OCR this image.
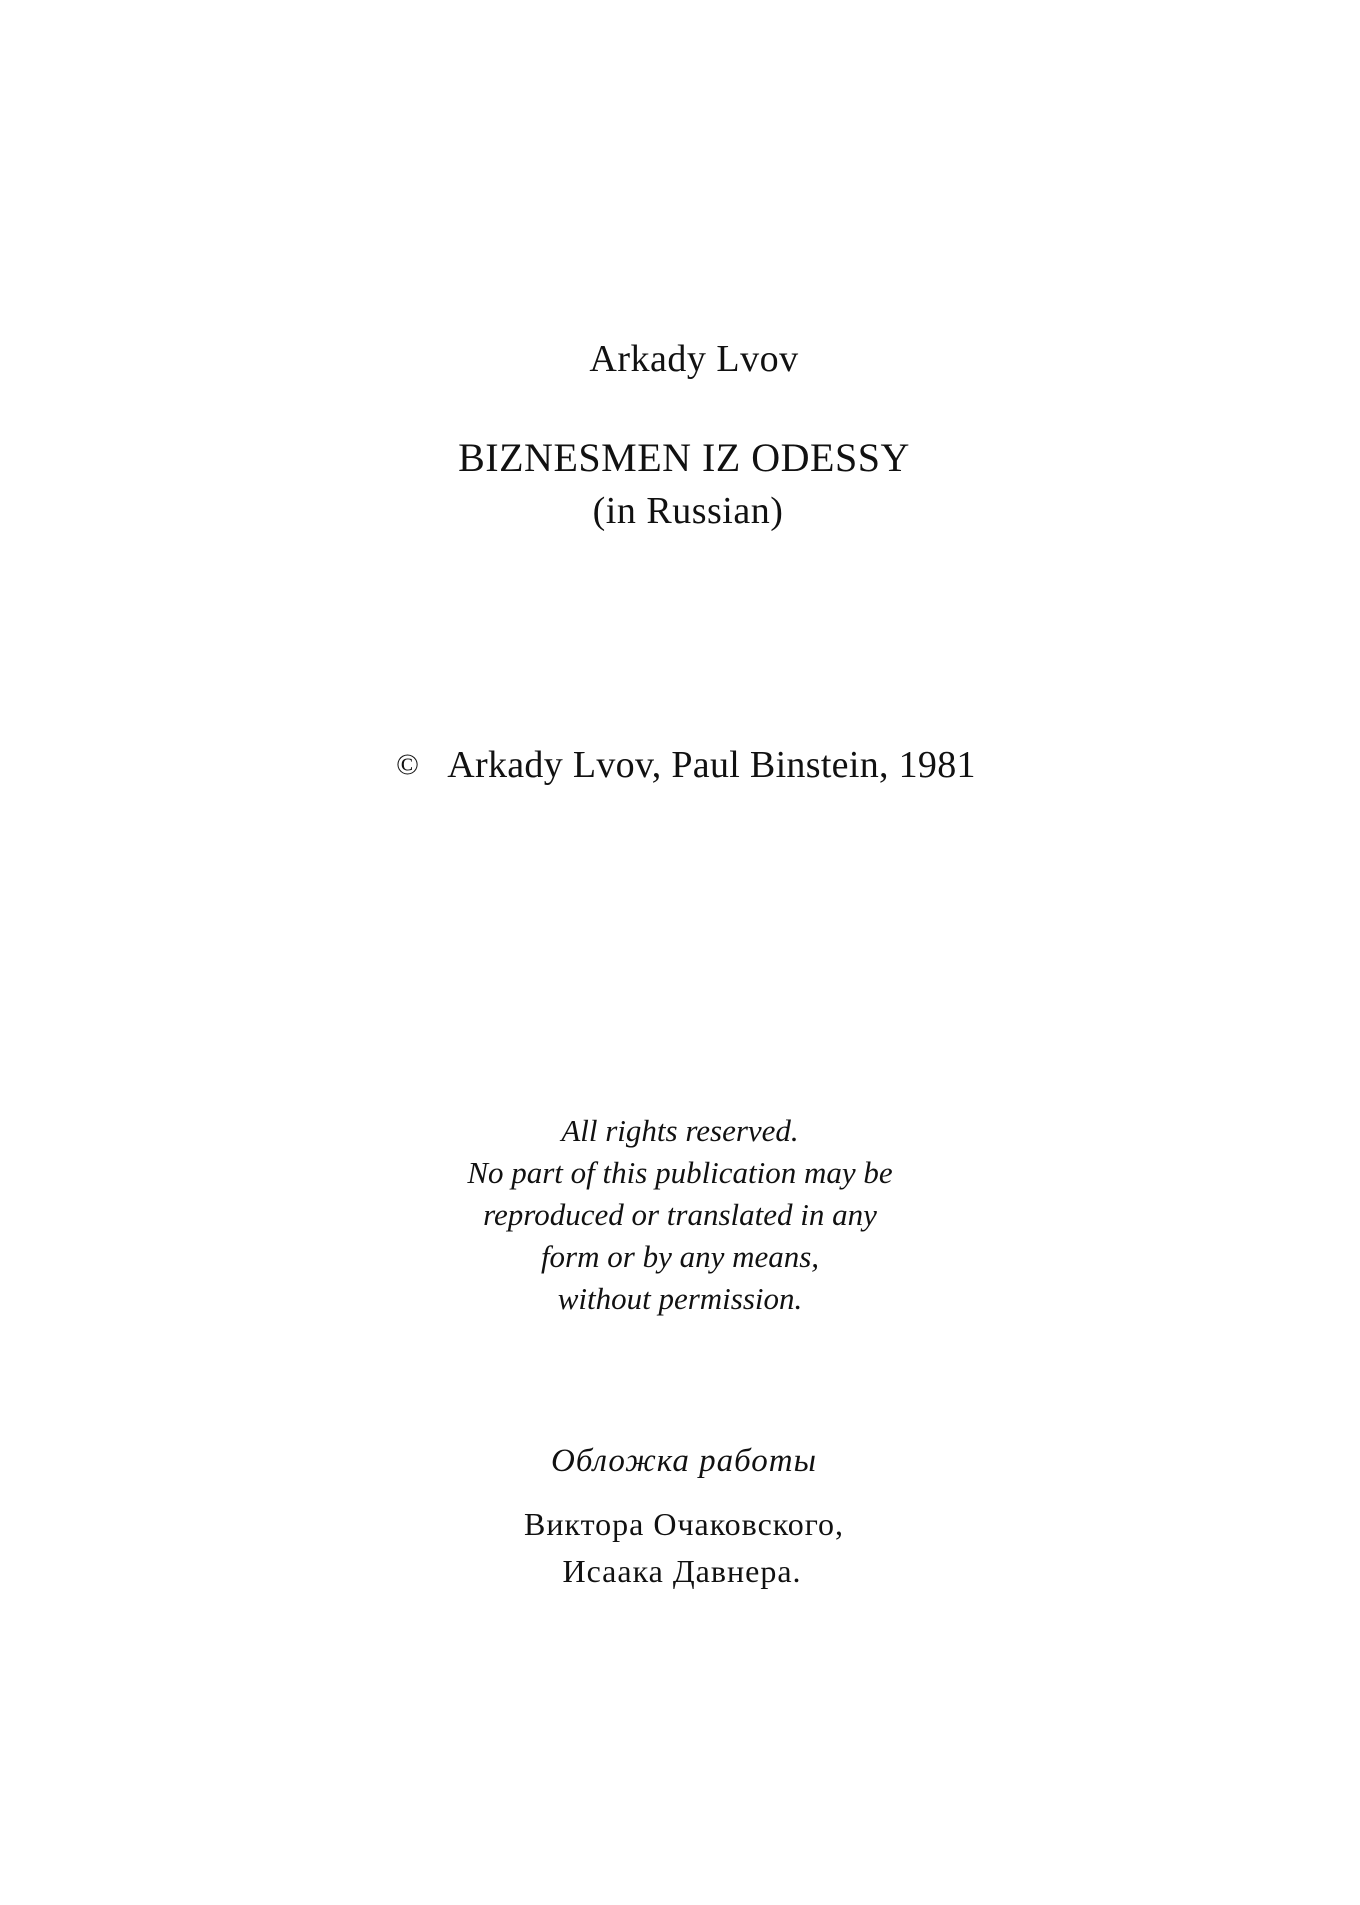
Arkady Lvov
BIZNESMEN IZ ODESSY
(in Russian)
© Arkady Lvov, Paul Binstein, 1981
All rights reserved.
No part of this publication may be
reproduced or translated in any
form or by any means,
without permission.
Обложка работы
Виктора Очаковского,
Исаака Давнера.
